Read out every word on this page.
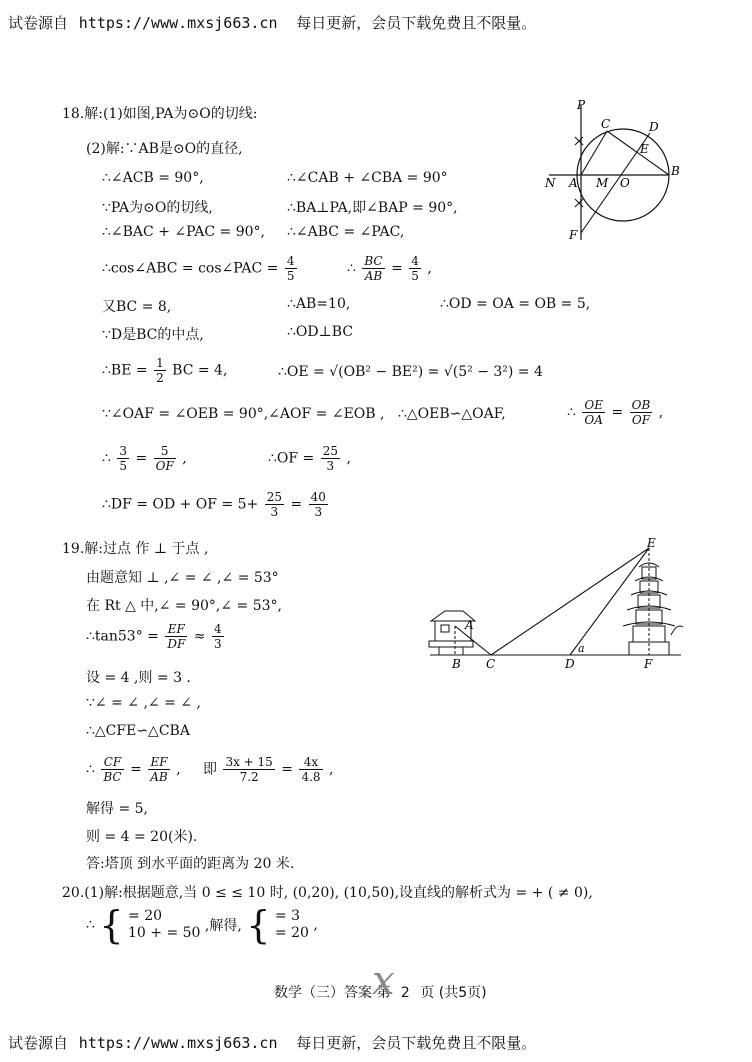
试卷源自 https://www.mxsj663.cn 每日更新，会员下载免费且不限量。
18.解:(1)如图,PA为⊙O的切线:
(2)解:∵AB是⊙O的直径,
∴∠ACB = 90°,	∴∠CAB + ∠CBA = 90°
∵PA为⊙O的切线,	∴BA⊥PA,即∠BAP = 90°,
∴∠BAC + ∠PAC = 90°, ∴∠ABC = ∠PAC,
∴cos∠ABC = cos∠PAC = $\frac{4}{5}$	∴ $\frac{BC}{AB} = \frac{4}{5}$ ,
又BC = 8,	∴AB=10,	∴OD = OA = OB = 5,
∵D是BC的中点,	∴OD⊥BC
∴BE = $\frac{1}{2}$ BC = 4,	∴OE = √(OB² − BE²) = √(5² − 3²) = 4
∵∠OAF = ∠OEB = 90°,∠AOF = ∠EOB , ∴△OEB∽△OAF,	∴ $\frac{OE}{OA} = \frac{OB}{OF}$ ,
∴ $\frac{3}{5} = \frac{5}{OF}$ ,	∴OF = $\frac{25}{3}$ ,
∴DF = OD + OF = $5+ \frac{25}{3} = \frac{40}{3}$
P
C	D
E
B
N A M O
F
19.解:过点 作 ⊥ 于点 ,
由题意知 ⊥ ,∠ = ∠ ,∠ = 53°
在 Rt △ 中,∠ = 90°,∠ = 53°,
∴tan53° = $\frac{EF}{DF} \approx \frac{4}{3}$
设 = 4 ,则 = 3 .
∵∠ = ∠ ,∠ = ∠ ,
∴△CFE∽△CBA
∴ $\frac{CF}{BC} = \frac{EF}{AB}$ , 即 $\frac{3x + 15}{7.2} = \frac{4x}{4.8}$ ,
解得 = 5,
则 = 4 = 20(米).
答:塔顶 到水平面的距离为 20 米.
E
A
B C	D	F
a
20.(1)解:根据题意,当 0 ≤ ≤ 10 时, (0,20), (10,50),设直线的解析式为 = + ( ≠ 0),
∴ { = 20
10 + = 50 ,解得, { = 3
= 20 ,
数学（三）答案 第 2 页 (共5页)
x
试卷源自 https://www.mxsj663.cn 每日更新，会员下载免费且不限量。
